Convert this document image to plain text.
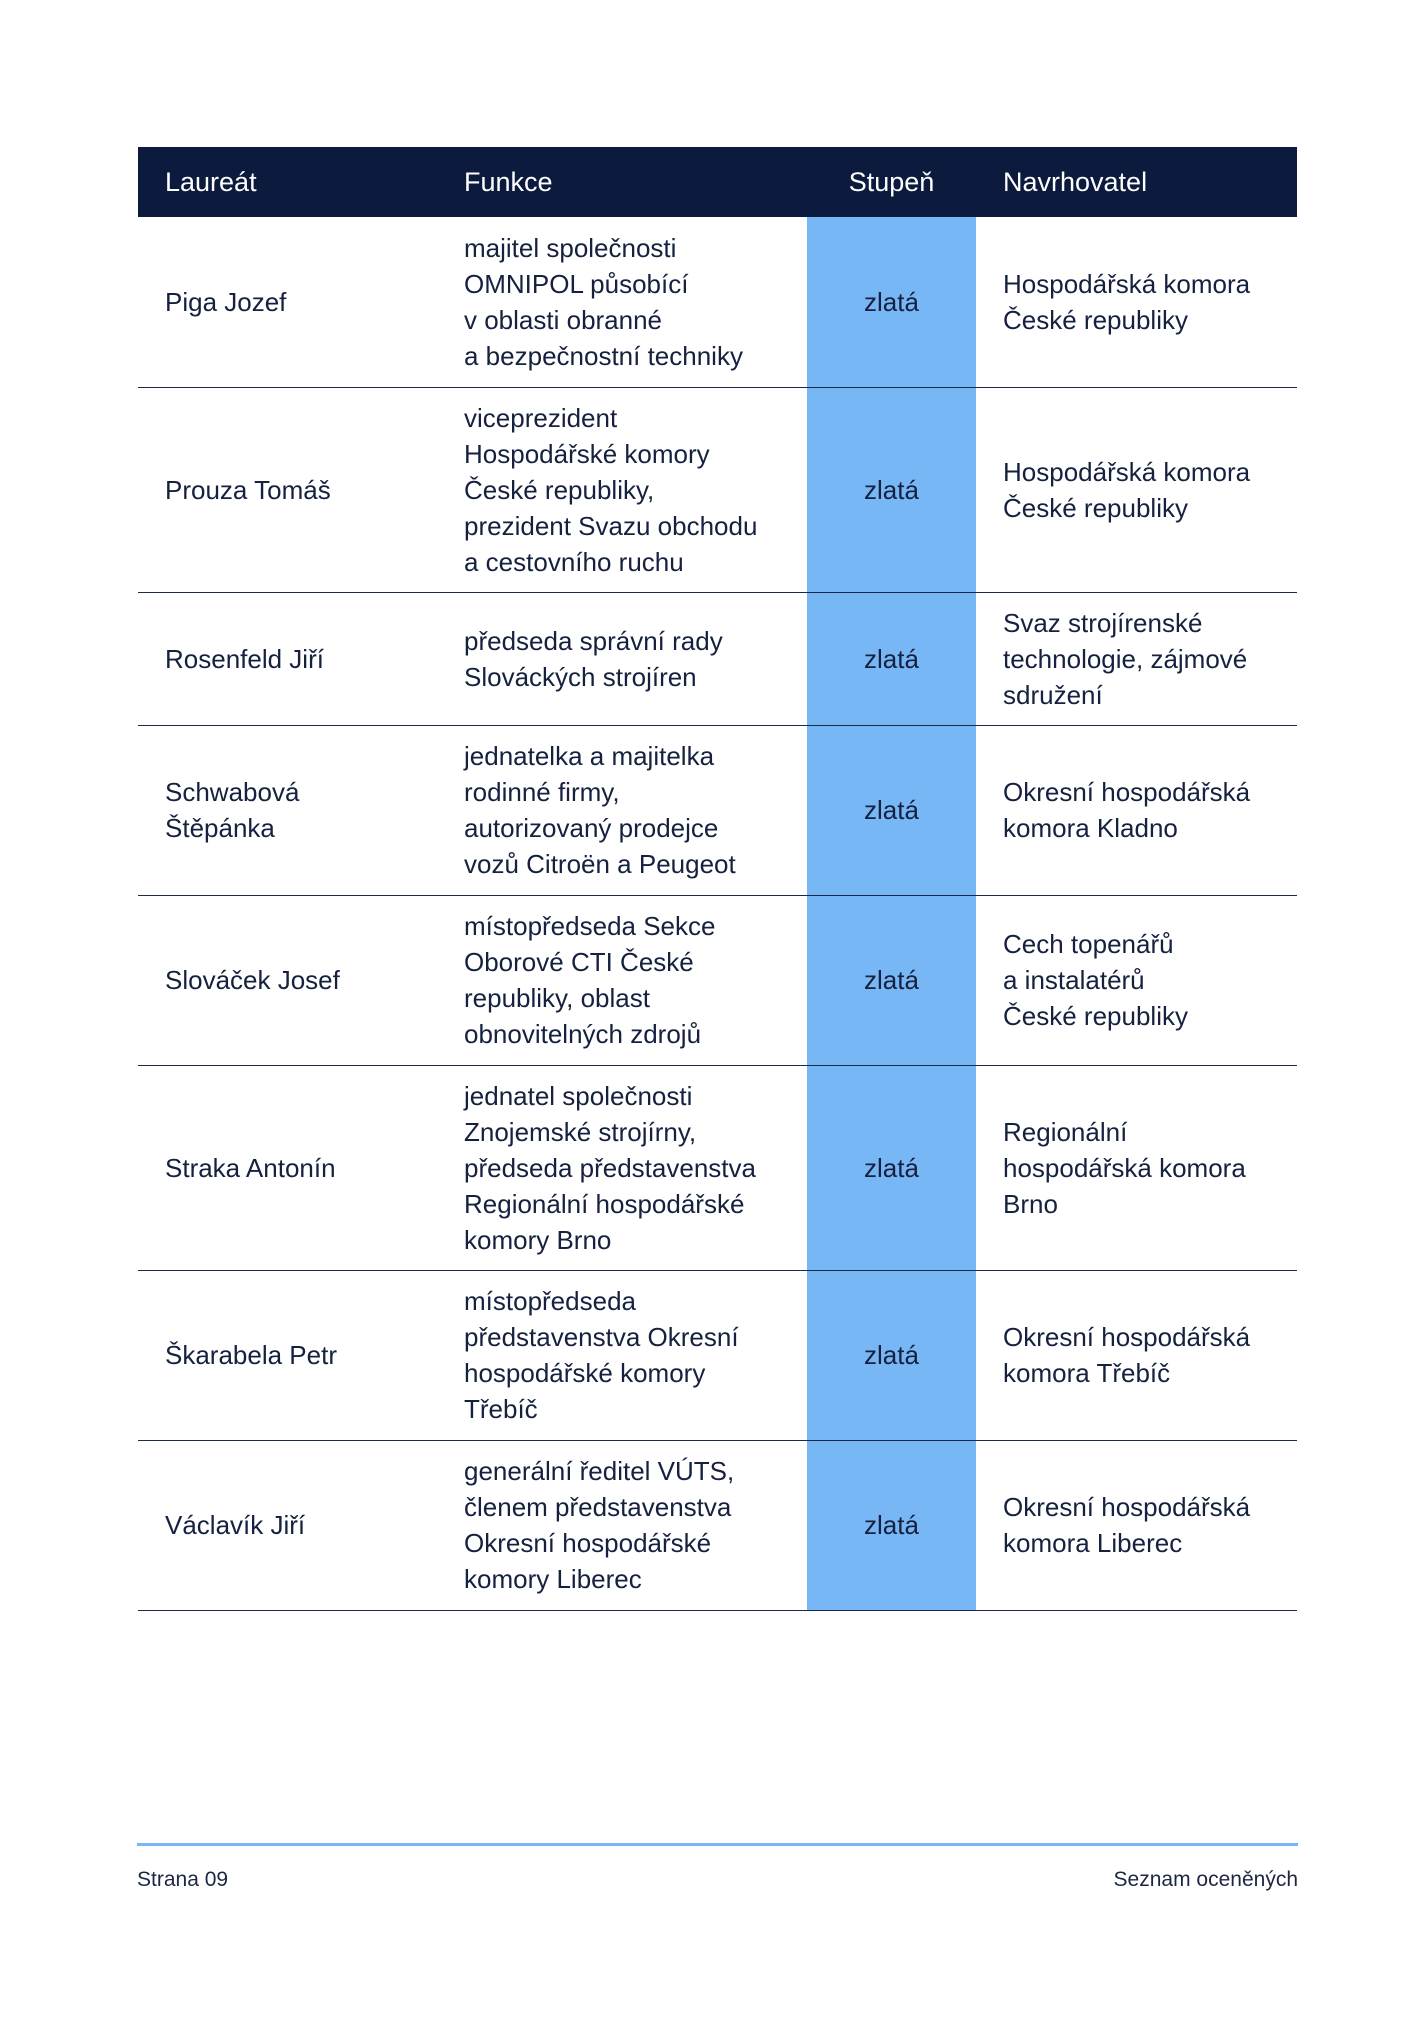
Laureát	Funkce	Stupeň	Navrhovatel
Piga Jozef	majitel společnosti
OMNIPOL působící
v oblasti obranné
a bezpečnostní techniky	zlatá	Hospodářská komora
České republiky
Prouza Tomáš	viceprezident
Hospodářské komory
České republiky,
prezident Svazu obchodu
a cestovního ruchu	zlatá	Hospodářská komora
České republiky
Rosenfeld Jiří	předseda správní rady
Slováckých strojíren	zlatá	Svaz strojírenské
technologie, zájmové
sdružení
Schwabová
Štěpánka	jednatelka a majitelka
rodinné firmy,
autorizovaný prodejce
vozů Citroën a Peugeot	zlatá	Okresní hospodářská
komora Kladno
Slováček Josef	místopředseda Sekce
Oborové CTI České
republiky, oblast
obnovitelných zdrojů	zlatá	Cech topenářů
a instalatérů
České republiky
Straka Antonín	jednatel společnosti
Znojemské strojírny,
předseda představenstva
Regionální hospodářské
komory Brno	zlatá	Regionální
hospodářská komora
Brno
Škarabela Petr	místopředseda
představenstva Okresní
hospodářské komory
Třebíč	zlatá	Okresní hospodářská
komora Třebíč
Václavík Jiří	generální ředitel VÚTS,
členem představenstva
Okresní hospodářské
komory Liberec	zlatá	Okresní hospodářská
komora Liberec
Strana 09	Seznam oceněných
